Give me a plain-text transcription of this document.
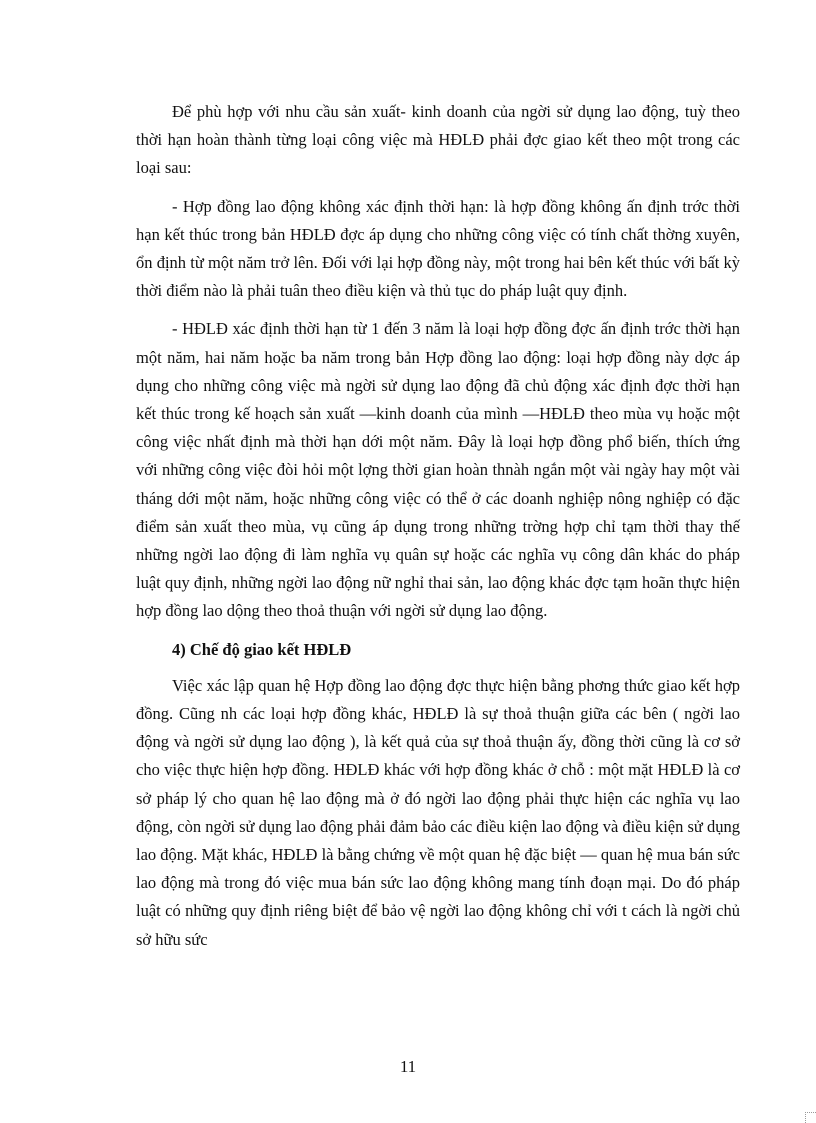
Để phù hợp với nhu cầu sản xuất- kinh doanh của ngời sử dụng lao động, tuỳ theo thời hạn hoàn thành từng loại công việc mà HĐLĐ phải đợc giao kết theo một trong các loại sau:

- Hợp đồng lao động không xác định thời hạn: là hợp đồng không ấn định trớc thời hạn kết thúc trong bản HĐLĐ đợc áp dụng cho những công việc có tính chất thờng xuyên, ổn định từ một năm trở lên. Đối với lại hợp đồng này, một trong hai bên kết thúc với bất kỳ thời điểm nào là phải tuân theo điều kiện và thủ tục do pháp luật quy định.

- HĐLĐ xác định thời hạn từ 1 đến 3 năm là loại hợp đồng đợc ấn định trớc thời hạn một năm, hai năm hoặc ba năm trong bản Hợp đồng lao động: loại hợp đồng này dợc áp dụng cho những công việc mà ngời sử dụng lao động đã chủ động xác định đợc thời hạn kết thúc trong kế hoạch sản xuất —kinh doanh của mình —HĐLĐ theo mùa vụ hoặc một công việc nhất định mà thời hạn dới một năm. Đây là loại hợp đồng phổ biến, thích ứng với những công việc đòi hỏi một lợng thời gian hoàn thnàh ngắn một vài ngày hay một vài tháng dới một năm, hoặc những công việc có thể ở các doanh nghiệp nông nghiệp có đặc điểm sản xuất theo mùa, vụ cũng áp dụng trong những trờng hợp chỉ tạm thời thay thế những ngời lao động đi làm nghĩa vụ quân sự hoặc các nghĩa vụ công dân khác do pháp luật quy định, những ngời lao động nữ nghỉ thai sản, lao động khác đợc tạm hoãn thực hiện hợp đồng lao dộng theo thoả thuận với ngời sử dụng lao động.

4) Chế độ giao kết HĐLĐ

Việc xác lập quan hệ Hợp đồng lao động đợc thực hiện bằng phơng thức giao kết hợp đồng. Cũng nh các loại hợp đồng khác, HĐLĐ là sự thoả thuận giữa các bên ( ngời lao động và ngời sử dụng lao động ), là kết quả của sự thoả thuận ấy, đồng thời cũng là cơ sở cho việc thực hiện hợp đồng. HĐLĐ khác với hợp đồng khác ở chỗ : một mặt HĐLĐ là cơ sở pháp lý cho quan hệ lao động mà ở đó ngời lao động phải thực hiện các nghĩa vụ lao động, còn ngời sử dụng lao động phải đảm bảo các điều kiện lao động và điều kiện sử dụng lao động. Mặt khác, HĐLĐ là bằng chứng về một quan hệ đặc biệt — quan hệ mua bán sức lao động mà trong đó việc mua bán sức lao động không mang tính đoạn mại. Do đó pháp luật có những quy định riêng biệt để bảo vệ ngời lao động không chỉ với t cách là ngời chủ sở hữu sức

11
